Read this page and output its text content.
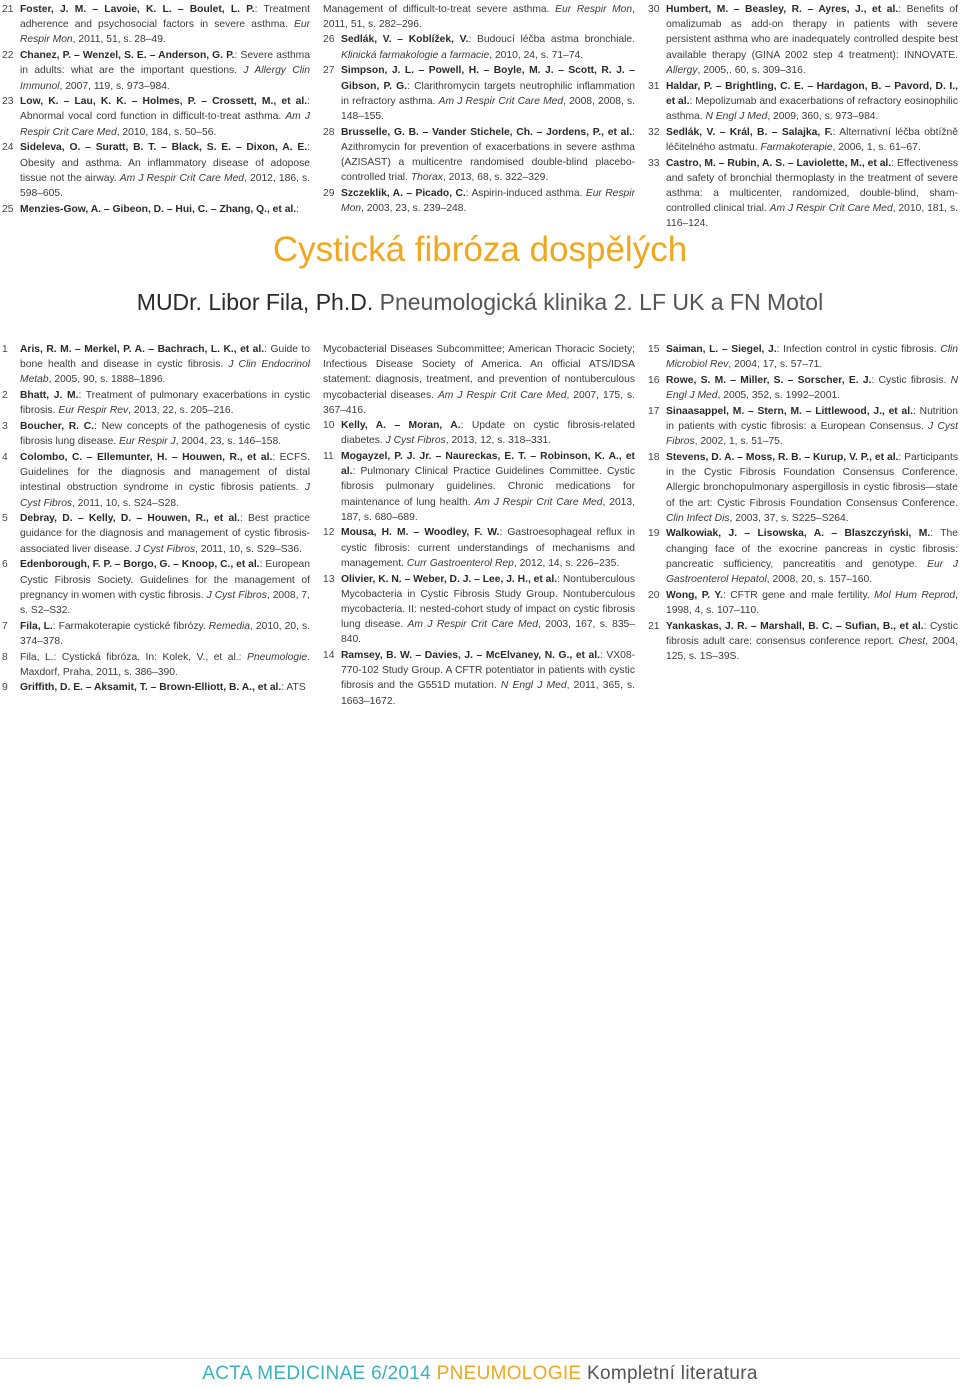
21 Foster, J. M. – Lavoie, K. L. – Boulet, L. P.: Treatment adherence and psychosocial factors in severe asthma. Eur Respir Mon, 2011, 51, s. 28–49.

22 Chanez, P. – Wenzel, S. E. – Anderson, G. P.: Severe asthma in adults: what are the important questions. J Allergy Clin Immunol, 2007, 119, s. 973–984.

23 Low, K. – Lau, K. K. – Holmes, P. – Crossett, M., et al.: Abnormal vocal cord function in difficult-to-treat asthma. Am J Respir Crit Care Med, 2010, 184, s. 50–56.

24 Sideleva, O. – Suratt, B. T. – Black, S. E. – Dixon, A. E.: Obesity and asthma. An inflammatory disease of adopose tissue not the airway. Am J Respir Crit Care Med, 2012, 186, s. 598–605.

25 Menzies-Gow, A. – Gibeon, D. – Hui, C. – Zhang, Q., et al.:

Management of difficult-to-treat severe asthma. Eur Respir Mon, 2011, 51, s. 282–296.

26 Sedlák, V. – Koblížek, V.: Budoucí léčba astma bronchiale. Klinická farmakologie a farmacie, 2010, 24, s. 71–74.

27 Simpson, J. L. – Powell, H. – Boyle, M. J. – Scott, R. J. – Gibson, P. G.: Clarithromycin targets neutrophilic inflammation in refractory asthma. Am J Respir Crit Care Med, 2008, 2008, s. 148–155.

28 Brusselle, G. B. – Vander Stichele, Ch. – Jordens, P., et al.: Azithromycin for prevention of exacerbations in severe asthma (AZISAST) a multicentre randomised double-blind placebo-controlled trial. Thorax, 2013, 68, s. 322–329.

29 Szczeklik, A. – Picado, C.: Aspirin-induced asthma. Eur Respir Mon, 2003, 23, s. 239–248.

30 Humbert, M. – Beasley, R. – Ayres, J., et al.: Benefits of omalizumab as add-on therapy in patients with severe persistent asthma who are inadequately controlled despite best available therapy (GINA 2002 step 4 treatment): INNOVATE. Allergy, 2005,. 60, s. 309–316.

31 Haldar, P. – Brightling, C. E. – Hardagon, B. – Pavord, D. I., et al.: Mepolizumab and exacerbations of refractory eosinophilic asthma. N Engl J Med, 2009, 360, s. 973–984.

32 Sedlák, V. – Král, B. – Salajka, F.: Alternativní léčba obtížně léčitelného astmatu. Farmakoterapie, 2006, 1, s. 61–67.

33 Castro, M. – Rubin, A. S. – Laviolette, M., et al.: Effectiveness and safety of bronchial thermoplasty in the treatment of severe asthma: a multicenter, randomized, double-blind, sham-controlled clinical trial. Am J Respir Crit Care Med, 2010, 181, s. 116–124.

Cystická fibróza dospělých
MUDr. Libor Fila, Ph.D. Pneumologická klinika 2. LF UK a FN Motol

1 Aris, R. M. – Merkel, P. A. – Bachrach, L. K., et al.: Guide to bone health and disease in cystic fibrosis. J Clin Endocrinol Metab, 2005, 90, s. 1888–1896.

2 Bhatt, J. M.: Treatment of pulmonary exacerbations in cystic fibrosis. Eur Respir Rev, 2013, 22, s. 205–216.

3 Boucher, R. C.: New concepts of the pathogenesis of cystic fibrosis lung disease. Eur Respir J, 2004, 23, s. 146–158.

4 Colombo, C. – Ellemunter, H. – Houwen, R., et al.: ECFS. Guidelines for the diagnosis and management of distal intestinal obstruction syndrome in cystic fibrosis patients. J Cyst Fibros, 2011, 10, s. S24–S28.

5 Debray, D. – Kelly, D. – Houwen, R., et al.: Best practice guidance for the diagnosis and management of cystic fibrosis-associated liver disease. J Cyst Fibros, 2011, 10, s. S29–S36.

6 Edenborough, F. P. – Borgo, G. – Knoop, C., et al.: European Cystic Fibrosis Society. Guidelines for the management of pregnancy in women with cystic fibrosis. J Cyst Fibros, 2008, 7, s. S2–S32.

7 Fila, L.: Farmakoterapie cystické fibrózy. Remedia, 2010, 20, s. 374–378.

8 Fila, L.: Cystická fibróza. In: Kolek, V., et al.: Pneumologie. Maxdorf, Praha, 2011, s. 386–390.

9 Griffith, D. E. – Aksamit, T. – Brown-Elliott, B. A., et al.: ATS

Mycobacterial Diseases Subcommittee; American Thoracic Society; Infectious Disease Society of America. An official ATS/IDSA statement: diagnosis, treatment, and prevention of nontuberculous mycobacterial diseases. Am J Respir Crit Care Med, 2007, 175, s. 367–416.

10 Kelly, A. – Moran, A.: Update on cystic fibrosis-related diabetes. J Cyst Fibros, 2013, 12, s. 318–331.

11 Mogayzel, P. J. Jr. – Naureckas, E. T. – Robinson, K. A., et al.: Pulmonary Clinical Practice Guidelines Committee. Cystic fibrosis pulmonary guidelines. Chronic medications for maintenance of lung health. Am J Respir Crit Care Med, 2013, 187, s. 680–689.

12 Mousa, H. M. – Woodley, F. W.: Gastroesophageal reflux in cystic fibrosis: current understandings of mechanisms and management. Curr Gastroenterol Rep, 2012, 14, s. 226–235.

13 Olivier, K. N. – Weber, D. J. – Lee, J. H., et al.: Nontuberculous Mycobacteria in Cystic Fibrosis Study Group. Nontuberculous mycobacteria. II: nested-cohort study of impact on cystic fibrosis lung disease. Am J Respir Crit Care Med, 2003, 167, s. 835–840.

14 Ramsey, B. W. – Davies, J. – McElvaney, N. G., et al.: VX08-770-102 Study Group. A CFTR potentiator in patients with cystic fibrosis and the G551D mutation. N Engl J Med, 2011, 365, s. 1663–1672.

15 Saiman, L. – Siegel, J.: Infection control in cystic fibrosis. Clin Microbiol Rev, 2004, 17, s. 57–71.

16 Rowe, S. M. – Miller, S. – Sorscher, E. J.: Cystic fibrosis. N Engl J Med, 2005, 352, s. 1992–2001.

17 Sinaasappel, M. – Stern, M. – Littlewood, J., et al.: Nutrition in patients with cystic fibrosis: a European Consensus. J Cyst Fibros, 2002, 1, s. 51–75.

18 Stevens, D. A. – Moss, R. B. – Kurup, V. P., et al.: Participants in the Cystic Fibrosis Foundation Consensus Conference. Allergic bronchopulmonary aspergillosis in cystic fibrosis—state of the art: Cystic Fibrosis Foundation Consensus Conference. Clin Infect Dis, 2003, 37, s. S225–S264.

19 Walkowiak, J. – Lisowska, A. – Blaszczyński, M.: The changing face of the exocrine pancreas in cystic fibrosis: pancreatic sufficiency, pancreatitis and genotype. Eur J Gastroenterol Hepatol, 2008, 20, s. 157–160.

20 Wong, P. Y.: CFTR gene and male fertility. Mol Hum Reprod, 1998, 4, s. 107–110.

21 Yankaskas, J. R. – Marshall, B. C. – Sufian, B., et al.: Cystic fibrosis adult care: consensus conference report. Chest, 2004, 125, s. 1S–39S.

ACTA MEDICINAE 6/2014 PNEUMOLOGIE Kompletní literatura
